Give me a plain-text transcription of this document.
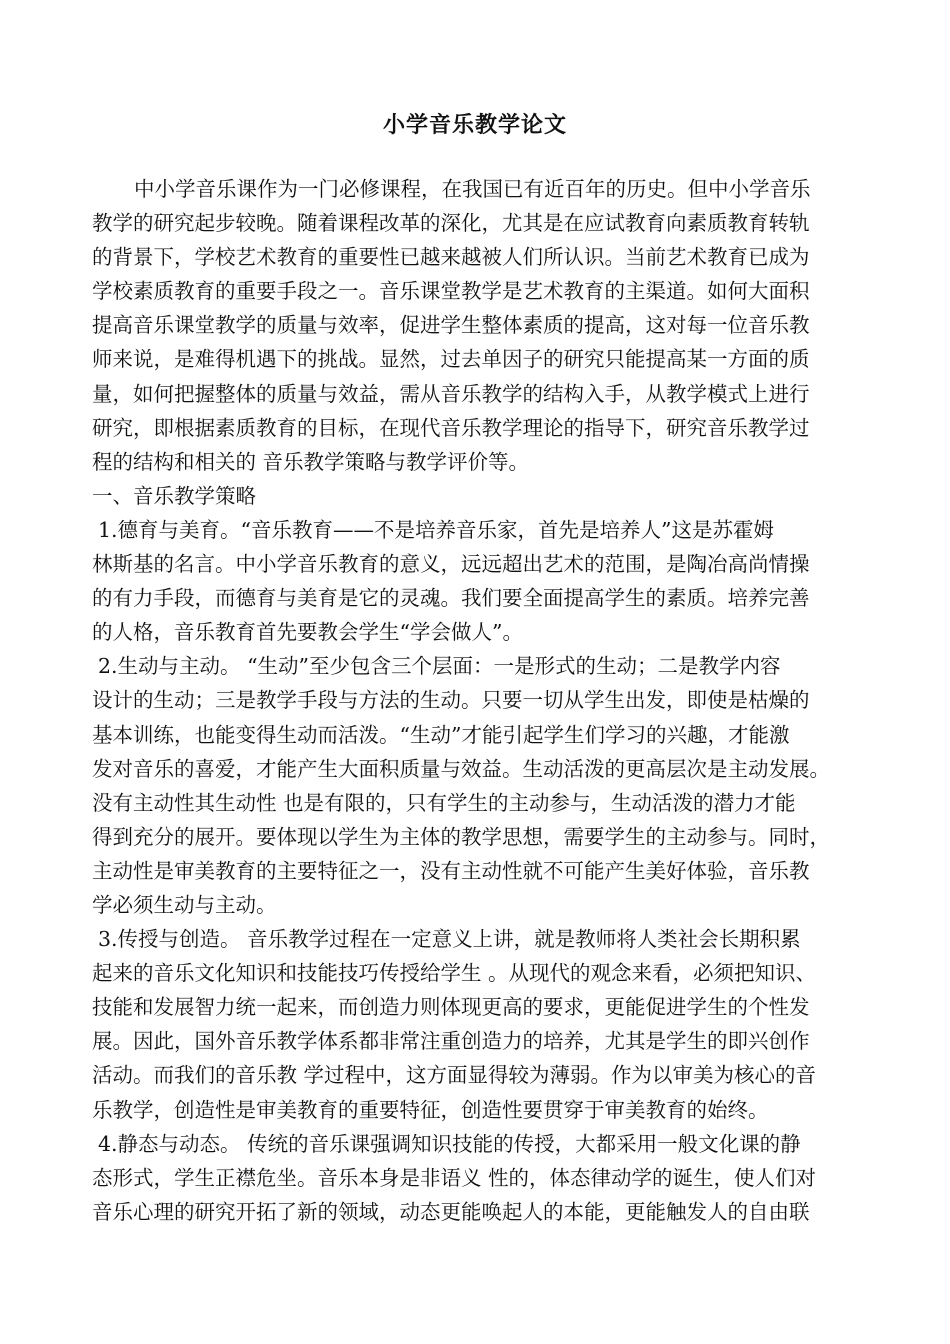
小学音乐教学论文
中小学音乐课作为一门必修课程，在我国已有近百年的历史。但中小学音乐
教学的研究起步较晚。随着课程改革的深化，尤其是在应试教育向素质教育转轨
的背景下，学校艺术教育的重要性已越来越被人们所认识。当前艺术教育已成为
学校素质教育的重要手段之一。音乐课堂教学是艺术教育的主渠道。如何大面积
提高音乐课堂教学的质量与效率，促进学生整体素质的提高，这对每一位音乐教
师来说，是难得机遇下的挑战。显然，过去单因子的研究只能提高某一方面的质
量，如何把握整体的质量与效益，需从音乐教学的结构入手，从教学模式上进行
研究，即根据素质教育的目标，在现代音乐教学理论的指导下，研究音乐教学过
程的结构和相关的 音乐教学策略与教学评价等。
一、音乐教学策略
1.德育与美育。“音乐教育——不是培养音乐家，首先是培养人”这是苏霍姆
林斯基的名言。中小学音乐教育的意义，远远超出艺术的范围，是陶冶高尚情操
的有力手段，而德育与美育是它的灵魂。我们要全面提高学生的素质。培养完善
的人格，音乐教育首先要教会学生“学会做人”。
2.生动与主动。 “生动”至少包含三个层面：一是形式的生动；二是教学内容
设计的生动；三是教学手段与方法的生动。只要一切从学生出发，即使是枯燥的
基本训练，也能变得生动而活泼。“生动”才能引起学生们学习的兴趣，才能激
发对音乐的喜爱，才能产生大面积质量与效益。生动活泼的更高层次是主动发展。
没有主动性其生动性 也是有限的，只有学生的主动参与，生动活泼的潜力才能
得到充分的展开。要体现以学生为主体的教学思想，需要学生的主动参与。同时，
主动性是审美教育的主要特征之一，没有主动性就不可能产生美好体验，音乐教
学必须生动与主动。
3.传授与创造。 音乐教学过程在一定意义上讲，就是教师将人类社会长期积累
起来的音乐文化知识和技能技巧传授给学生 。从现代的观念来看，必须把知识、
技能和发展智力统一起来，而创造力则体现更高的要求，更能促进学生的个性发
展。因此，国外音乐教学体系都非常注重创造力的培养，尤其是学生的即兴创作
活动。而我们的音乐教 学过程中，这方面显得较为薄弱。作为以审美为核心的音
乐教学，创造性是审美教育的重要特征，创造性要贯穿于审美教育的始终。
4.静态与动态。 传统的音乐课强调知识技能的传授，大都采用一般文化课的静
态形式，学生正襟危坐。音乐本身是非语义 性的，体态律动学的诞生，使人们对
音乐心理的研究开拓了新的领域，动态更能唤起人的本能，更能触发人的自由联
